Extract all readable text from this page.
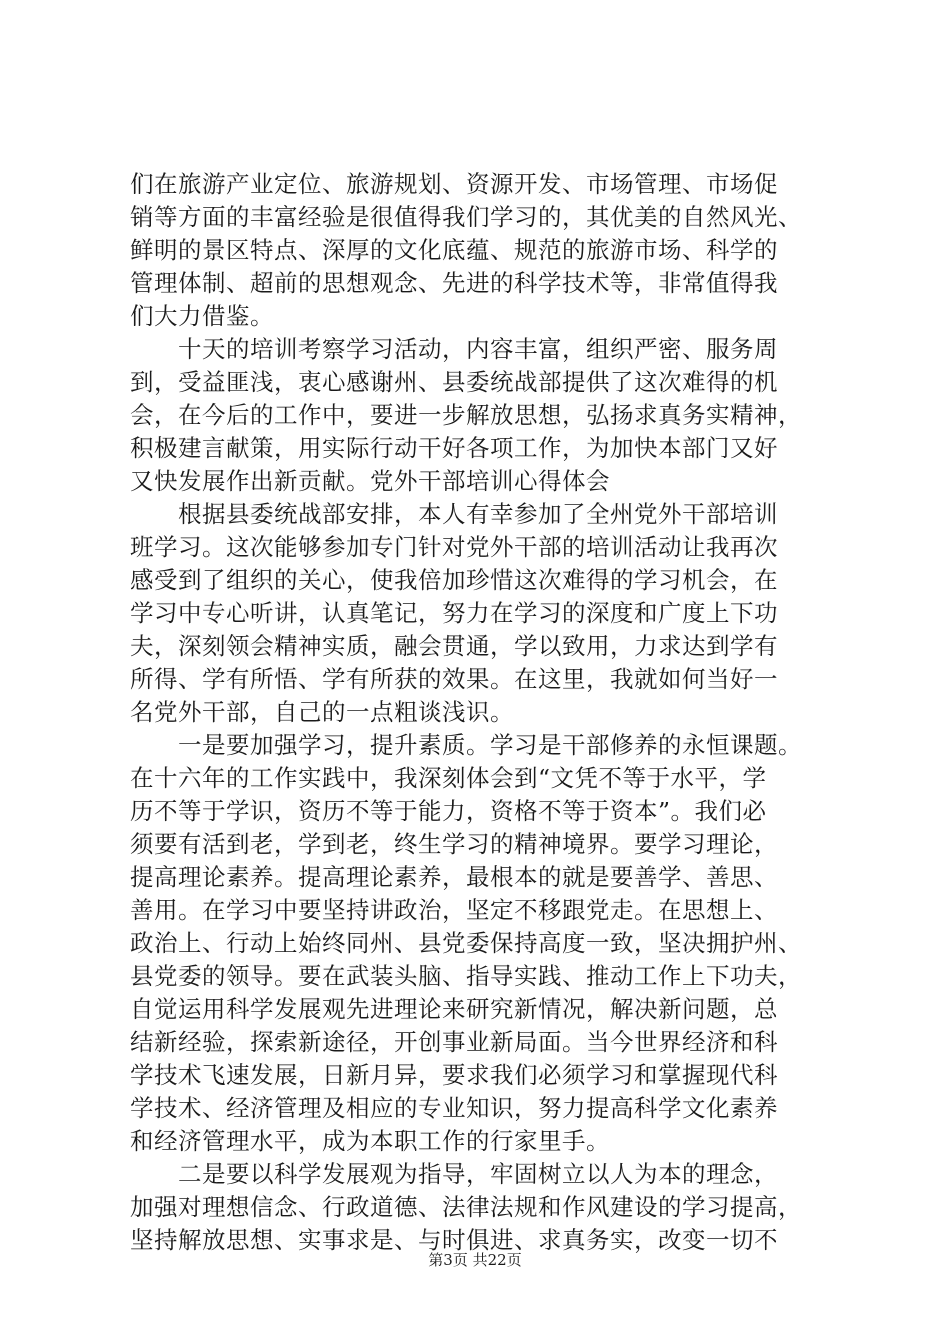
们在旅游产业定位、旅游规划、资源开发、市场管理、市场促
销等方面的丰富经验是很值得我们学习的，其优美的自然风光、
鲜明的景区特点、深厚的文化底蕴、规范的旅游市场、科学的
管理体制、超前的思想观念、先进的科学技术等，非常值得我
们大力借鉴。
　　十天的培训考察学习活动，内容丰富，组织严密、服务周
到，受益匪浅，衷心感谢州、县委统战部提供了这次难得的机
会，在今后的工作中，要进一步解放思想，弘扬求真务实精神，
积极建言献策，用实际行动干好各项工作，为加快本部门又好
又快发展作出新贡献。党外干部培训心得体会
　　根据县委统战部安排，本人有幸参加了全州党外干部培训
班学习。这次能够参加专门针对党外干部的培训活动让我再次
感受到了组织的关心，使我倍加珍惜这次难得的学习机会，在
学习中专心听讲，认真笔记，努力在学习的深度和广度上下功
夫，深刻领会精神实质，融会贯通，学以致用，力求达到学有
所得、学有所悟、学有所获的效果。在这里，我就如何当好一
名党外干部，自己的一点粗谈浅识。
　　一是要加强学习，提升素质。学习是干部修养的永恒课题。
在十六年的工作实践中，我深刻体会到“文凭不等于水平，学
历不等于学识，资历不等于能力，资格不等于资本”。我们必
须要有活到老，学到老，终生学习的精神境界。要学习理论，
提高理论素养。提高理论素养，最根本的就是要善学、善思、
善用。在学习中要坚持讲政治，坚定不移跟党走。在思想上、
政治上、行动上始终同州、县党委保持高度一致，坚决拥护州、
县党委的领导。要在武装头脑、指导实践、推动工作上下功夫，
自觉运用科学发展观先进理论来研究新情况，解决新问题，总
结新经验，探索新途径，开创事业新局面。当今世界经济和科
学技术飞速发展，日新月异，要求我们必须学习和掌握现代科
学技术、经济管理及相应的专业知识，努力提高科学文化素养
和经济管理水平，成为本职工作的行家里手。
　　二是要以科学发展观为指导，牢固树立以人为本的理念，
加强对理想信念、行政道德、法律法规和作风建设的学习提高，
坚持解放思想、实事求是、与时俱进、求真务实，改变一切不
第3页 共22页
